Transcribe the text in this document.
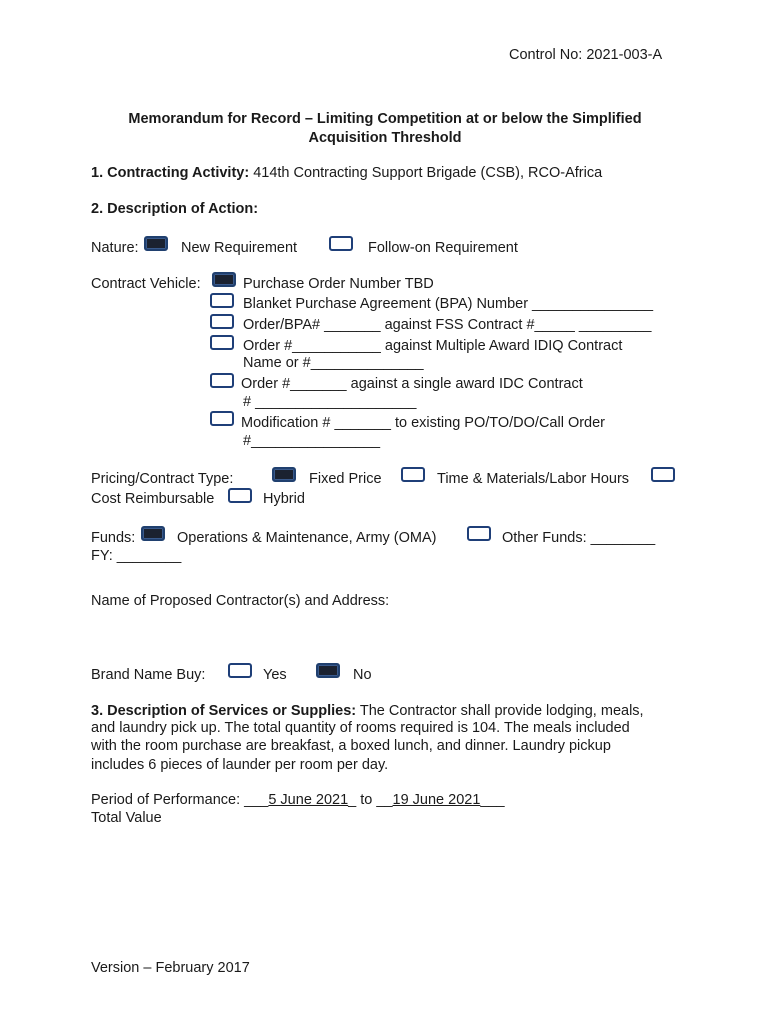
Control No: 2021-003-A
Memorandum for Record – Limiting Competition at or below the Simplified
Acquisition Threshold
1. Contracting Activity: 414th Contracting Support Brigade (CSB), RCO-Africa
2. Description of Action:
Nature:	New Requirement	Follow-on Requirement
Contract Vehicle:	Purchase Order Number TBD
Blanket Purchase Agreement (BPA) Number _______________
Order/BPA# _______ against FSS Contract #_____ _________
Order #___________ against Multiple Award IDIQ Contract
Name or #______________
Order #_______ against a single award IDC Contract
# ____________________
Modification # _______ to existing PO/TO/DO/Call Order
#________________
Pricing/Contract Type:	Fixed Price	Time & Materials/Labor Hours
Cost Reimbursable	Hybrid
Funds:	Operations & Maintenance, Army (OMA)	Other Funds: ________
FY: ________
Name of Proposed Contractor(s) and Address:
Brand Name Buy:	Yes	No
3. Description of Services or Supplies: The Contractor shall provide lodging, meals,
and laundry pick up. The total quantity of rooms required is 104. The meals included
with the room purchase are breakfast, a boxed lunch, and dinner. Laundry pickup
includes 6 pieces of launder per room per day.
Period of Performance: ___5 June 2021_ to __19 June 2021___
Total Value
Version – February 2017
